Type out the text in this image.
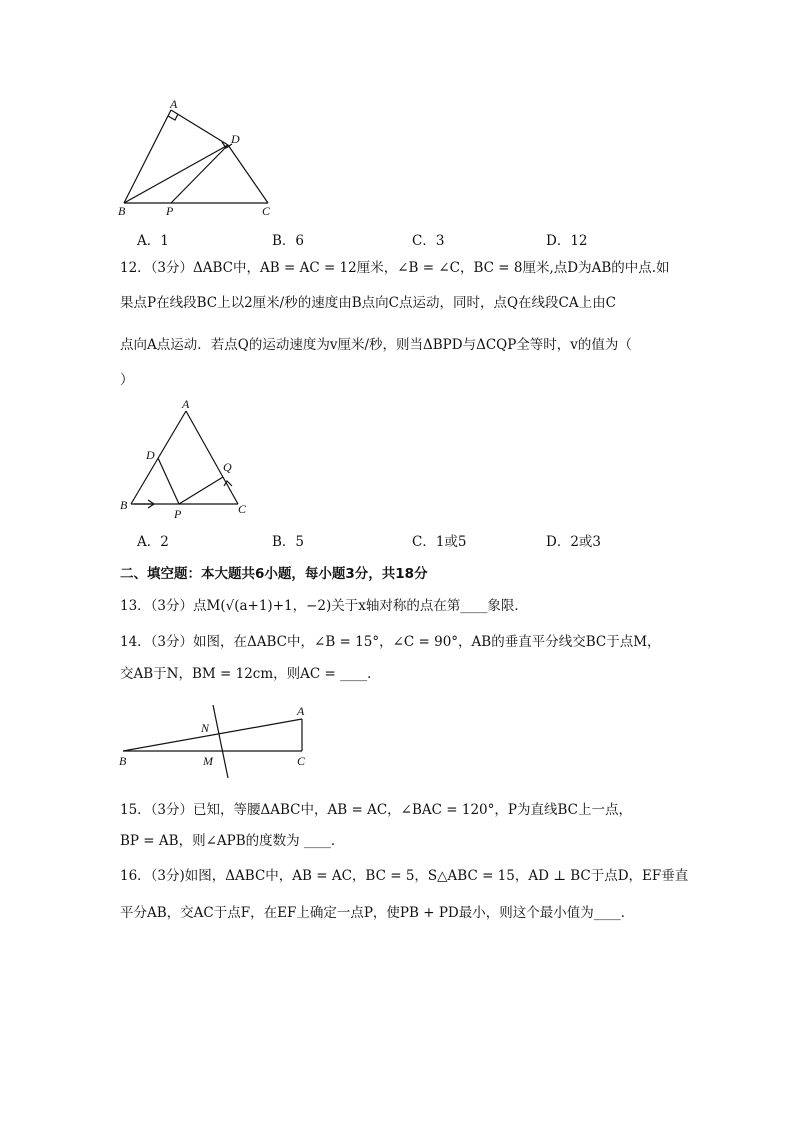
A
D
B	P	C
A．1	B．6	C．3	D．12
12．（3分）ΔABC中，AB = AC = 12厘米，∠B = ∠C，BC = 8厘米,点D为AB的中点.如
果点P在线段BC上以2厘米/秒的速度由B点向C点运动，同时，点Q在线段CA上由C
点向A点运动．若点Q的运动速度为v厘米/秒，则当ΔBPD与ΔCQP全等时，v的值为（
）
A
D
Q
B
P	C
A．2	B．5	C．1或5	D．2或3
二、填空题：本大题共6小题，每小题3分，共18分
13．（3分）点M(√(a+1)+1，−2)关于x轴对称的点在第____象限．
14．（3分）如图，在ΔABC中，∠B = 15°，∠C = 90°，AB的垂直平分线交BC于点M，
交AB于N，BM = 12cm，则AC = ____．
A
N
B	M	C
15．（3分）已知，等腰ΔABC中，AB = AC，∠BAC = 120°，P为直线BC上一点，
BP = AB，则∠APB的度数为 ____．
16．（3分)如图，ΔABC中，AB = AC，BC = 5，S△ABC = 15，AD ⊥ BC于点D，EF垂直
平分AB，交AC于点F，在EF上确定一点P，使PB + PD最小，则这个最小值为____．
